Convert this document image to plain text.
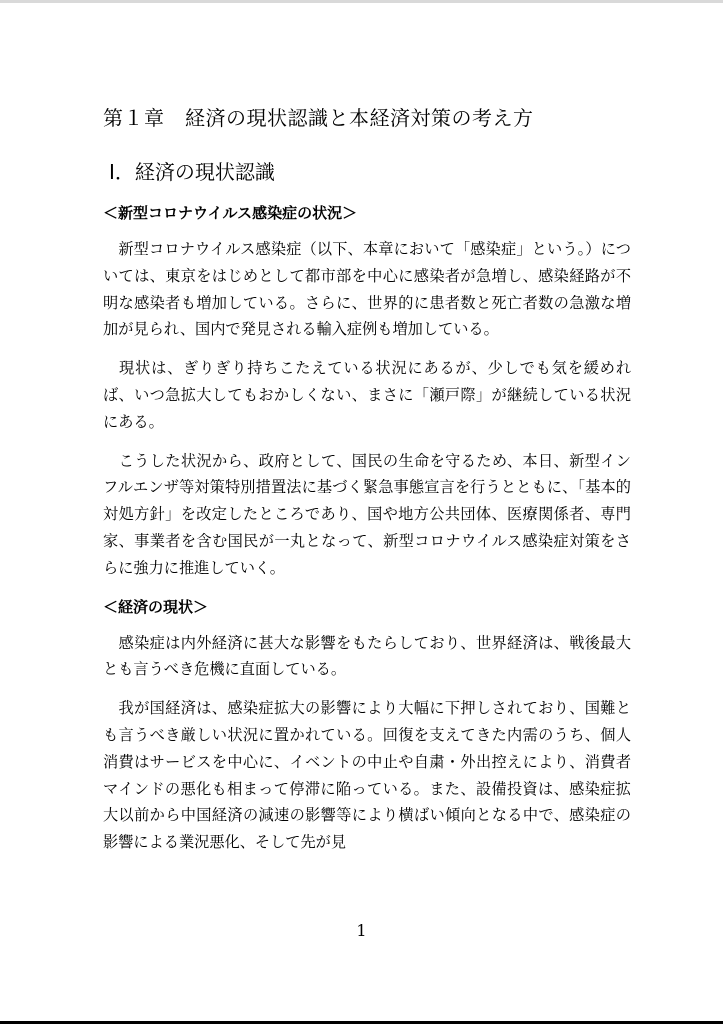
第１章　経済の現状認識と本経済対策の考え方
Ⅰ．経済の現状認識
＜新型コロナウイルス感染症の状況＞

　新型コロナウイルス感染症（以下、本章において「感染症」という。）については、東京をはじめとして都市部を中心に感染者が急増し、感染経路が不明な感染者も増加している。さらに、世界的に患者数と死亡者数の急激な増加が見られ、国内で発見される輸入症例も増加している。

　現状は、ぎりぎり持ちこたえている状況にあるが、少しでも気を緩めれば、いつ急拡大してもおかしくない、まさに「瀬戸際」が継続している状況にある。

　こうした状況から、政府として、国民の生命を守るため、本日、新型インフルエンザ等対策特別措置法に基づく緊急事態宣言を行うとともに、「基本的対処方針」を改定したところであり、国や地方公共団体、医療関係者、専門家、事業者を含む国民が一丸となって、新型コロナウイルス感染症対策をさらに強力に推進していく。

＜経済の現状＞

　感染症は内外経済に甚大な影響をもたらしており、世界経済は、戦後最大とも言うべき危機に直面している。

　我が国経済は、感染症拡大の影響により大幅に下押しされており、国難とも言うべき厳しい状況に置かれている。回復を支えてきた内需のうち、個人消費はサービスを中心に、イベントの中止や自粛・外出控えにより、消費者マインドの悪化も相まって停滞に陥っている。また、設備投資は、感染症拡大以前から中国経済の減速の影響等により横ばい傾向となる中で、感染症の影響による業況悪化、そして先が見

1
